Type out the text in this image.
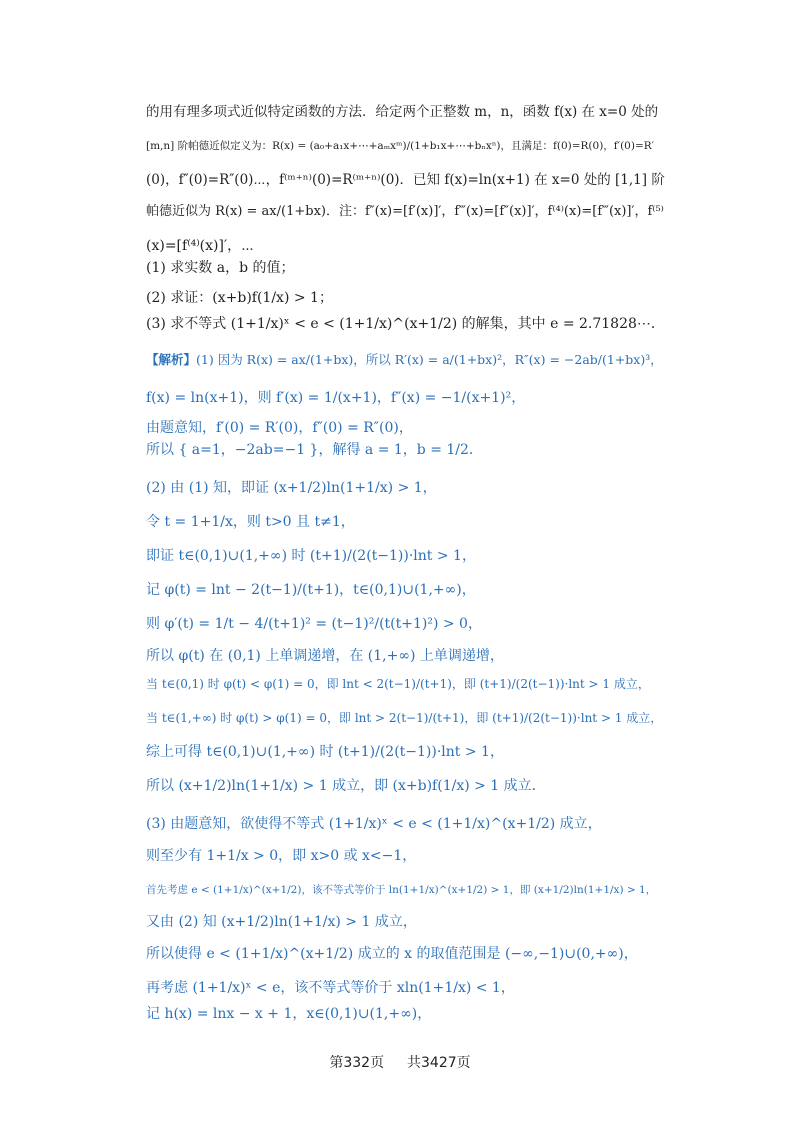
的用有理多项式近似特定函数的方法．给定两个正整数 m，n，函数 f(x) 在 x=0 处的
[m,n] 阶帕德近似定义为：R(x) = (a₀+a₁x+⋯+aₘxᵐ)/(1+b₁x+⋯+bₙxⁿ)，且满足：f(0)=R(0)，f′(0)=R′
(0)，f″(0)=R″(0)⋯，f⁽ᵐ⁺ⁿ⁾(0)=R⁽ᵐ⁺ⁿ⁾(0)．已知 f(x)=ln(x+1) 在 x=0 处的 [1,1] 阶
帕德近似为 R(x) = ax/(1+bx)．注：f″(x)=[f′(x)]′，f‴(x)=[f″(x)]′，f⁽⁴⁾(x)=[f‴(x)]′，f⁽⁵⁾
(x)=[f⁽⁴⁾(x)]′，⋯
(1) 求实数 a，b 的值；
(2) 求证：(x+b)f(1/x) > 1；
(3) 求不等式 (1+1/x)ˣ < e < (1+1/x)^(x+1/2) 的解集，其中 e = 2.71828⋯．
【解析】(1) 因为 R(x) = ax/(1+bx)，所以 R′(x) = a/(1+bx)²，R″(x) = −2ab/(1+bx)³，
f(x) = ln(x+1)，则 f′(x) = 1/(x+1)，f″(x) = −1/(x+1)²，
由题意知，f′(0) = R′(0)，f″(0) = R″(0)，
所以 { a=1，−2ab=−1 }，解得 a = 1，b = 1/2．
(2) 由 (1) 知，即证 (x+1/2)ln(1+1/x) > 1，
令 t = 1+1/x，则 t>0 且 t≠1，
即证 t∈(0,1)∪(1,+∞) 时 (t+1)/(2(t−1))·lnt > 1，
记 φ(t) = lnt − 2(t−1)/(t+1)，t∈(0,1)∪(1,+∞)，
则 φ′(t) = 1/t − 4/(t+1)² = (t−1)²/(t(t+1)²) > 0，
所以 φ(t) 在 (0,1) 上单调递增，在 (1,+∞) 上单调递增，
当 t∈(0,1) 时 φ(t) < φ(1) = 0，即 lnt < 2(t−1)/(t+1)，即 (t+1)/(2(t−1))·lnt > 1 成立，
当 t∈(1,+∞) 时 φ(t) > φ(1) = 0，即 lnt > 2(t−1)/(t+1)，即 (t+1)/(2(t−1))·lnt > 1 成立，
综上可得 t∈(0,1)∪(1,+∞) 时 (t+1)/(2(t−1))·lnt > 1，
所以 (x+1/2)ln(1+1/x) > 1 成立，即 (x+b)f(1/x) > 1 成立．
(3) 由题意知，欲使得不等式 (1+1/x)ˣ < e < (1+1/x)^(x+1/2) 成立，
则至少有 1+1/x > 0，即 x>0 或 x<−1，
首先考虑 e < (1+1/x)^(x+1/2)，该不等式等价于 ln(1+1/x)^(x+1/2) > 1，即 (x+1/2)ln(1+1/x) > 1，
又由 (2) 知 (x+1/2)ln(1+1/x) > 1 成立，
所以使得 e < (1+1/x)^(x+1/2) 成立的 x 的取值范围是 (−∞,−1)∪(0,+∞)，
再考虑 (1+1/x)ˣ < e，该不等式等价于 xln(1+1/x) < 1，
记 h(x) = lnx − x + 1，x∈(0,1)∪(1,+∞)，
第332页 共3427页
